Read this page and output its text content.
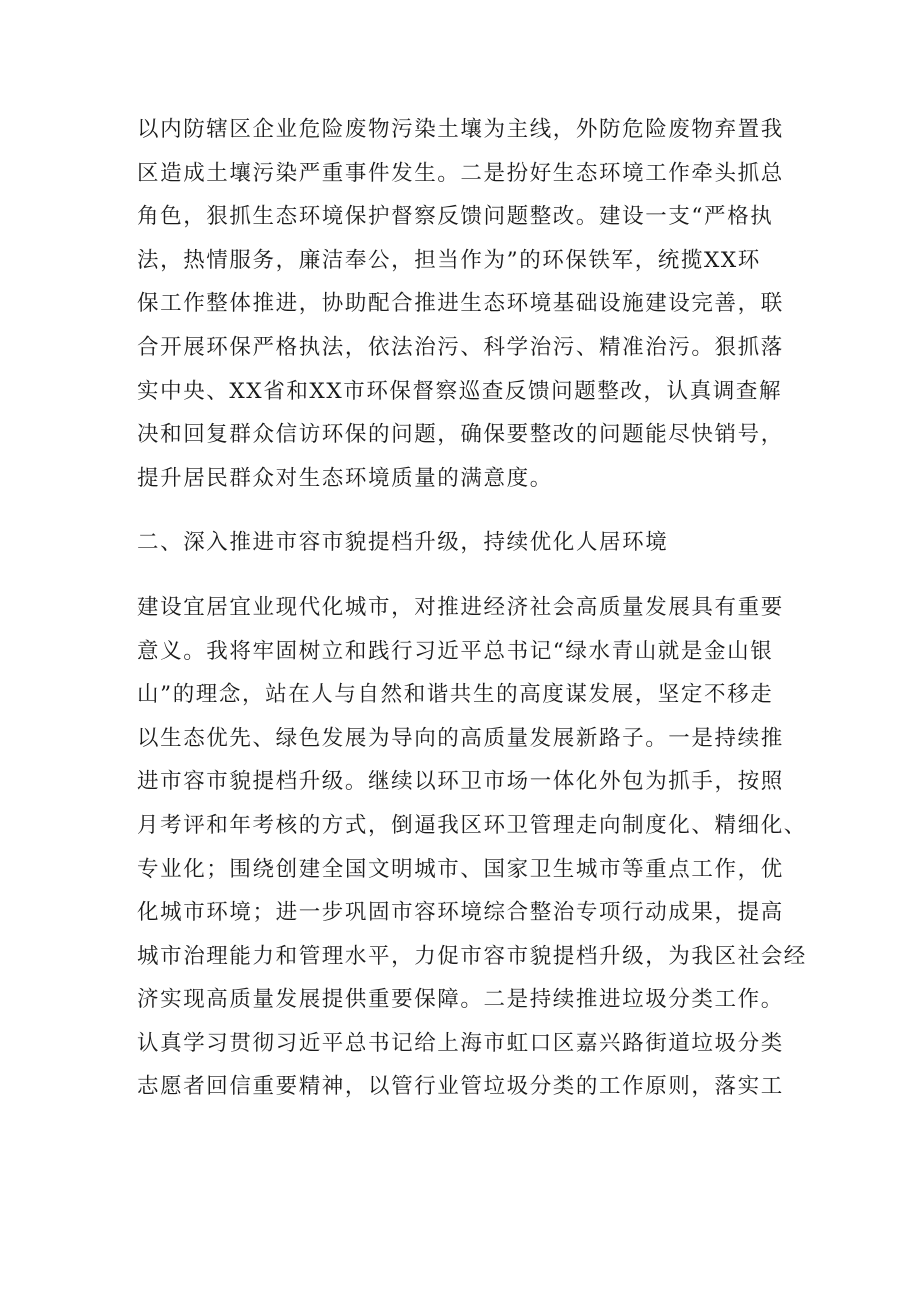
以内防辖区企业危险废物污染土壤为主线，外防危险废物弃置我
区造成土壤污染严重事件发生。二是扮好生态环境工作牵头抓总
角色，狠抓生态环境保护督察反馈问题整改。建设一支“严格执
法，热情服务，廉洁奉公，担当作为”的环保铁军，统揽XX环
保工作整体推进，协助配合推进生态环境基础设施建设完善，联
合开展环保严格执法，依法治污、科学治污、精准治污。狠抓落
实中央、XX省和XX市环保督察巡查反馈问题整改，认真调查解
决和回复群众信访环保的问题，确保要整改的问题能尽快销号，
提升居民群众对生态环境质量的满意度。
二、深入推进市容市貌提档升级，持续优化人居环境
建设宜居宜业现代化城市，对推进经济社会高质量发展具有重要
意义。我将牢固树立和践行习近平总书记“绿水青山就是金山银
山”的理念，站在人与自然和谐共生的高度谋发展，坚定不移走
以生态优先、绿色发展为导向的高质量发展新路子。一是持续推
进市容市貌提档升级。继续以环卫市场一体化外包为抓手，按照
月考评和年考核的方式，倒逼我区环卫管理走向制度化、精细化、
专业化；围绕创建全国文明城市、国家卫生城市等重点工作，优
化城市环境；进一步巩固市容环境综合整治专项行动成果，提高
城市治理能力和管理水平，力促市容市貌提档升级，为我区社会经
济实现高质量发展提供重要保障。二是持续推进垃圾分类工作。
认真学习贯彻习近平总书记给上海市虹口区嘉兴路街道垃圾分类
志愿者回信重要精神，以管行业管垃圾分类的工作原则，落实工
